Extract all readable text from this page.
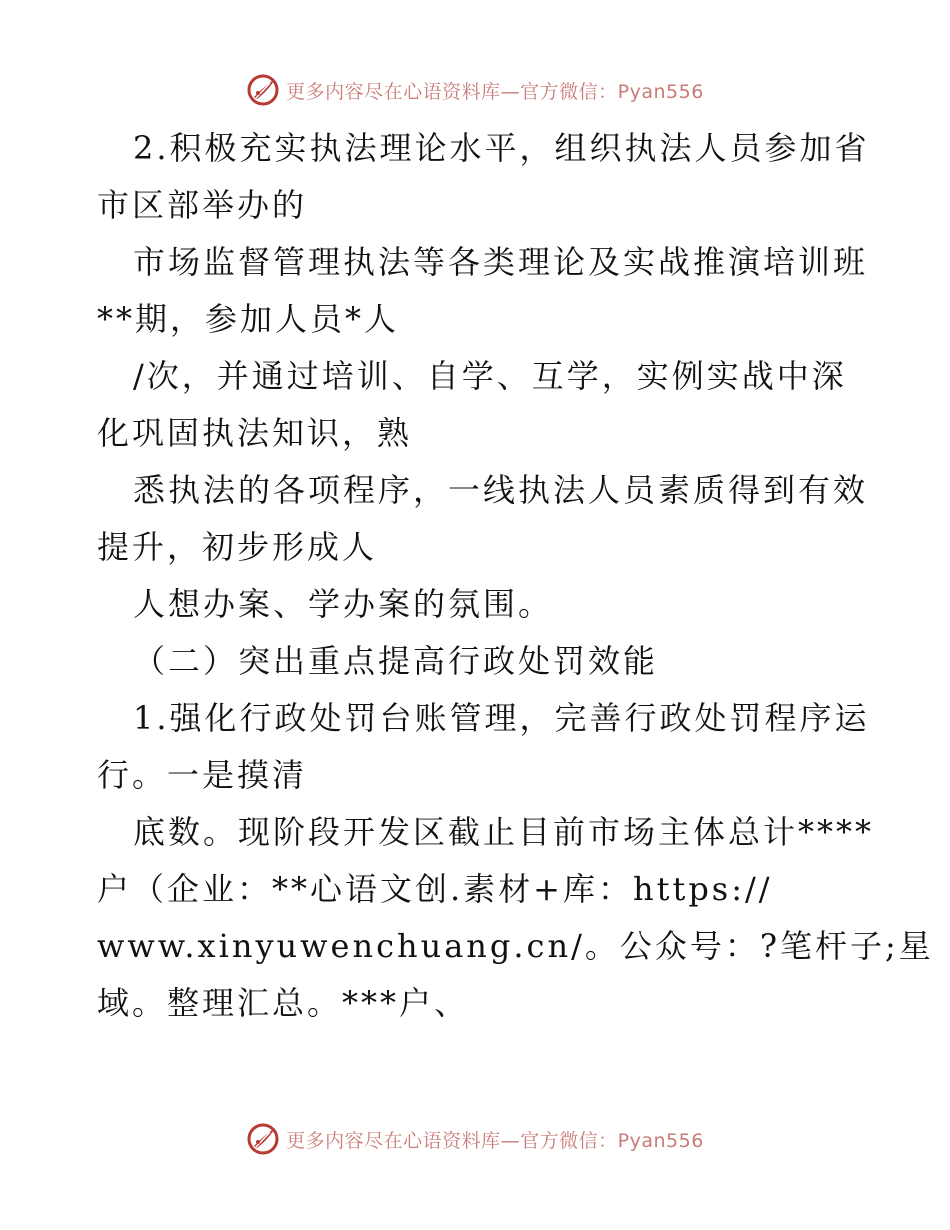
更多内容尽在心语资料库—官方微信：Pyan556
2.积极充实执法理论水平，组织执法人员参加省
市区部举办的
市场监督管理执法等各类理论及实战推演培训班
**期，参加人员*人
/次，并通过培训、自学、互学，实例实战中深
化巩固执法知识，熟
悉执法的各项程序，一线执法人员素质得到有效
提升，初步形成人
人想办案、学办案的氛围。
（二）突出重点提高行政处罚效能
1.强化行政处罚台账管理，完善行政处罚程序运
行。一是摸清
底数。现阶段开发区截止目前市场主体总计****
户（企业：**心语文创.素材+库：https://
www.xinyuwenchuang.cn/。公众号：?笔杆子;星
域。整理汇总。***户、
更多内容尽在心语资料库—官方微信：Pyan556
